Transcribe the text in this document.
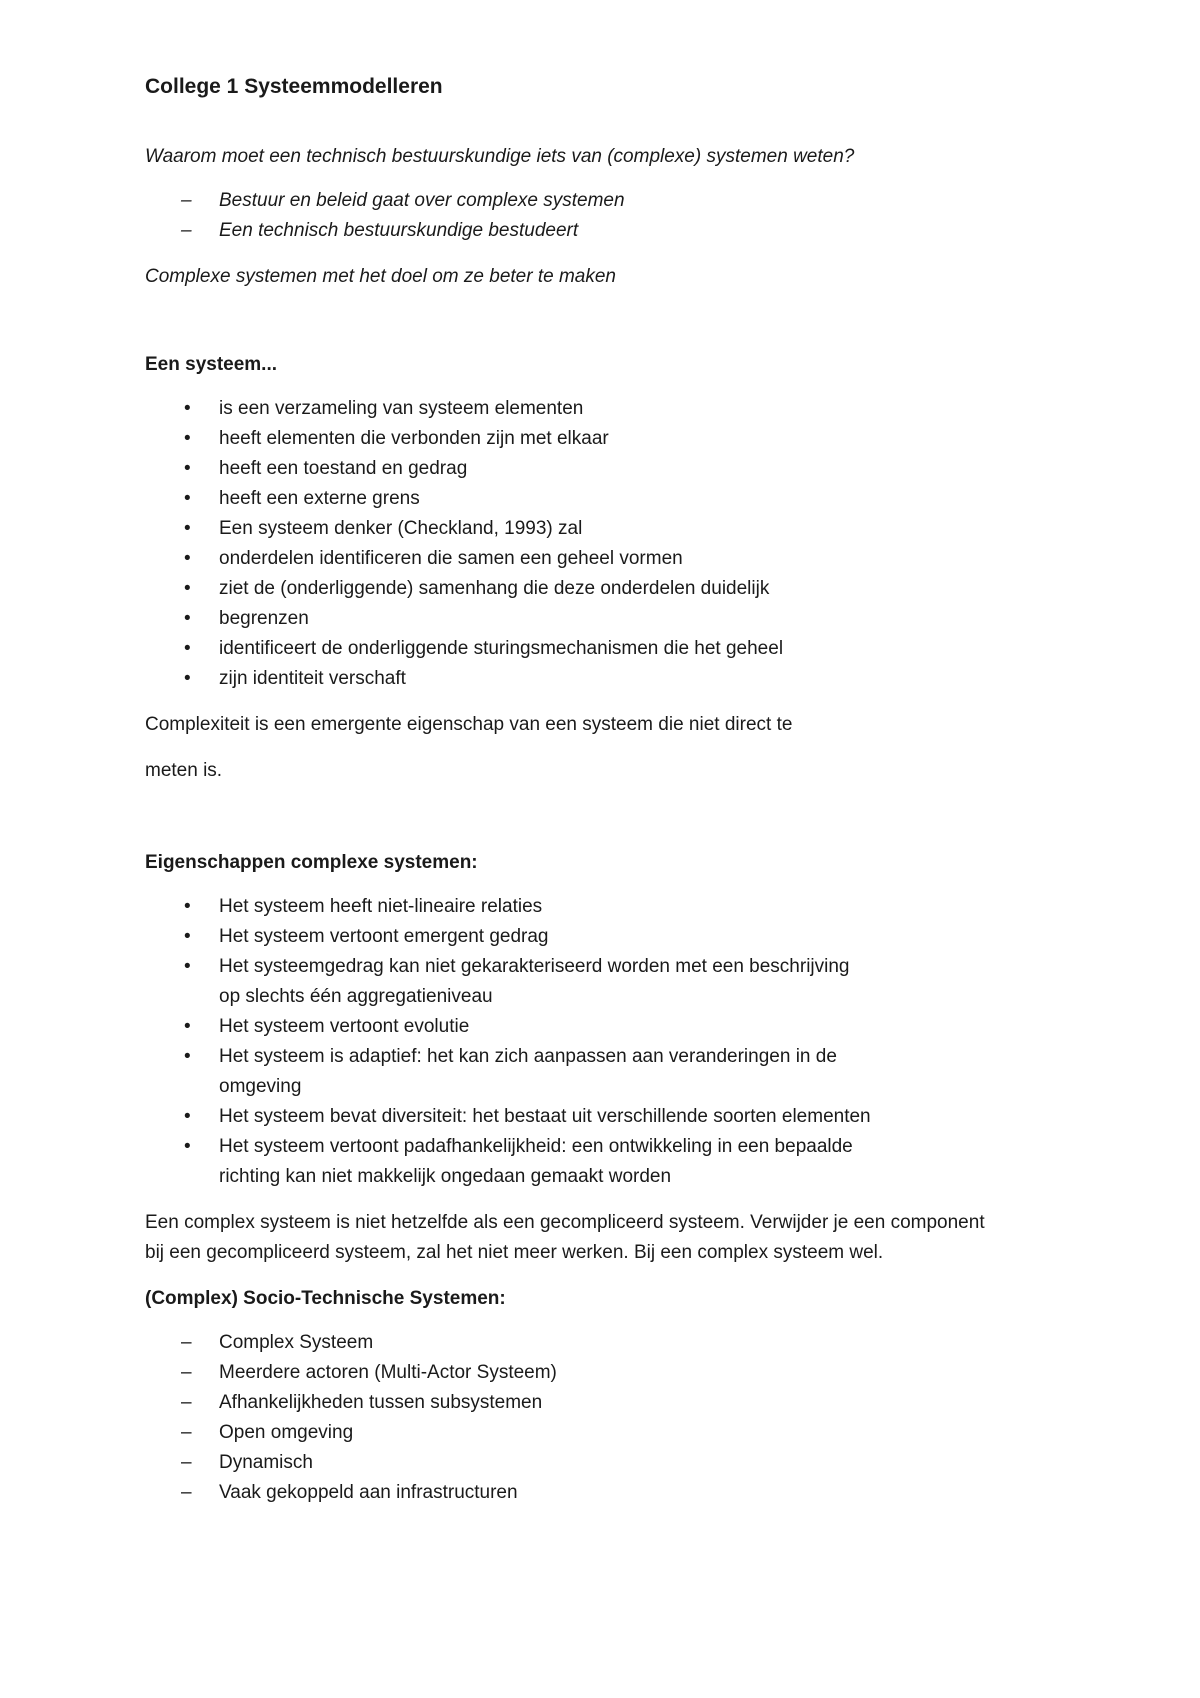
College 1 Systeemmodelleren

Waarom moet een technisch bestuurskundige iets van (complexe) systemen weten?

– Bestuur en beleid gaat over complexe systemen
– Een technisch bestuurskundige bestudeert

Complexe systemen met het doel om ze beter te maken

Een systeem...

• is een verzameling van systeem elementen
• heeft elementen die verbonden zijn met elkaar
• heeft een toestand en gedrag
• heeft een externe grens
• Een systeem denker (Checkland, 1993) zal
• onderdelen identificeren die samen een geheel vormen
• ziet de (onderliggende) samenhang die deze onderdelen duidelijk
• begrenzen
• identificeert de onderliggende sturingsmechanismen die het geheel
• zijn identiteit verschaft

Complexiteit is een emergente eigenschap van een systeem die niet direct te

meten is.

Eigenschappen complexe systemen:

• Het systeem heeft niet-lineaire relaties
• Het systeem vertoont emergent gedrag
• Het systeemgedrag kan niet gekarakteriseerd worden met een beschrijving
op slechts één aggregatieniveau
• Het systeem vertoont evolutie
• Het systeem is adaptief: het kan zich aanpassen aan veranderingen in de
omgeving
• Het systeem bevat diversiteit: het bestaat uit verschillende soorten elementen
• Het systeem vertoont padafhankelijkheid: een ontwikkeling in een bepaalde
richting kan niet makkelijk ongedaan gemaakt worden

Een complex systeem is niet hetzelfde als een gecompliceerd systeem. Verwijder je een component
bij een gecompliceerd systeem, zal het niet meer werken. Bij een complex systeem wel.

(Complex) Socio-Technische Systemen:

– Complex Systeem
– Meerdere actoren (Multi-Actor Systeem)
– Afhankelijkheden tussen subsystemen
– Open omgeving
– Dynamisch
– Vaak gekoppeld aan infrastructuren
